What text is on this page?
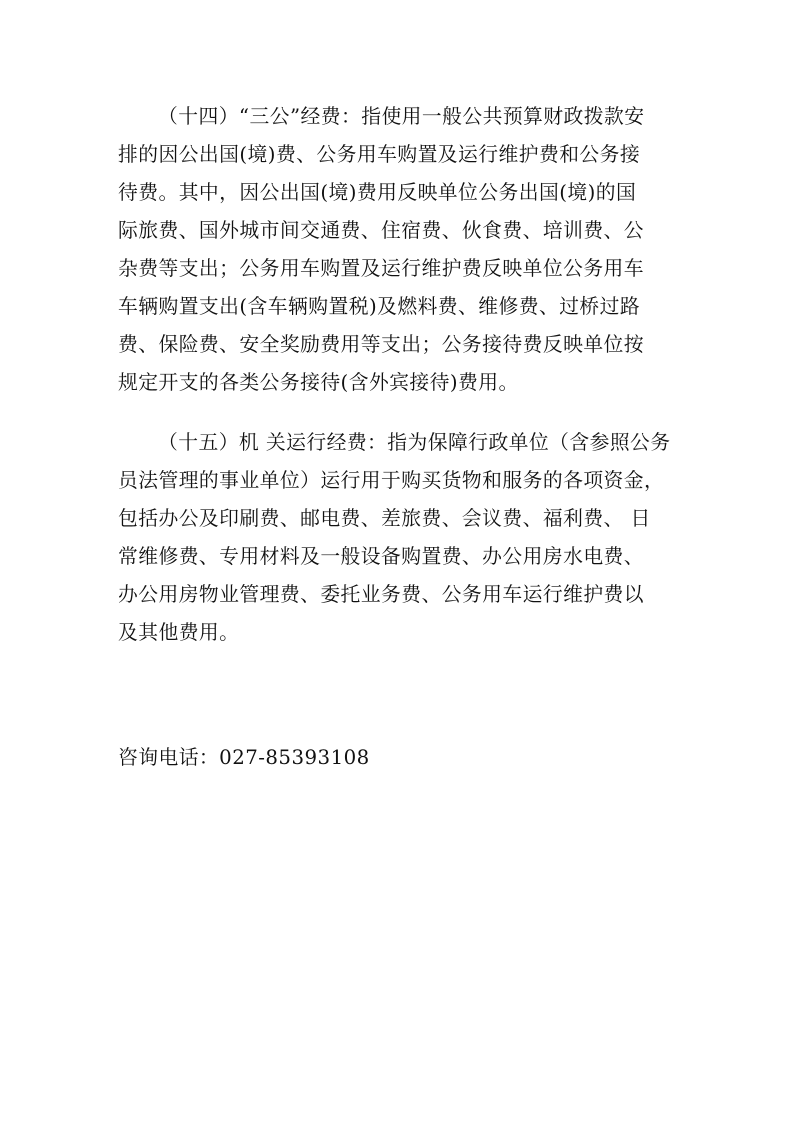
（十四）“三公”经费：指使用一般公共预算财政拨款安
排的因公出国(境)费、公务用车购置及运行维护费和公务接
待费。其中，因公出国(境)费用反映单位公务出国(境)的国
际旅费、国外城市间交通费、住宿费、伙食费、培训费、公
杂费等支出；公务用车购置及运行维护费反映单位公务用车
车辆购置支出(含车辆购置税)及燃料费、维修费、过桥过路
费、保险费、安全奖励费用等支出；公务接待费反映单位按
规定开支的各类公务接待(含外宾接待)费用。
（十五）机 关运行经费：指为保障行政单位（含参照公务
员法管理的事业单位）运行用于购买货物和服务的各项资金，
包括办公及印刷费、邮电费、差旅费、会议费、福利费、 日
常维修费、专用材料及一般设备购置费、办公用房水电费、
办公用房物业管理费、委托业务费、公务用车运行维护费以
及其他费用。
咨询电话：027-85393108
